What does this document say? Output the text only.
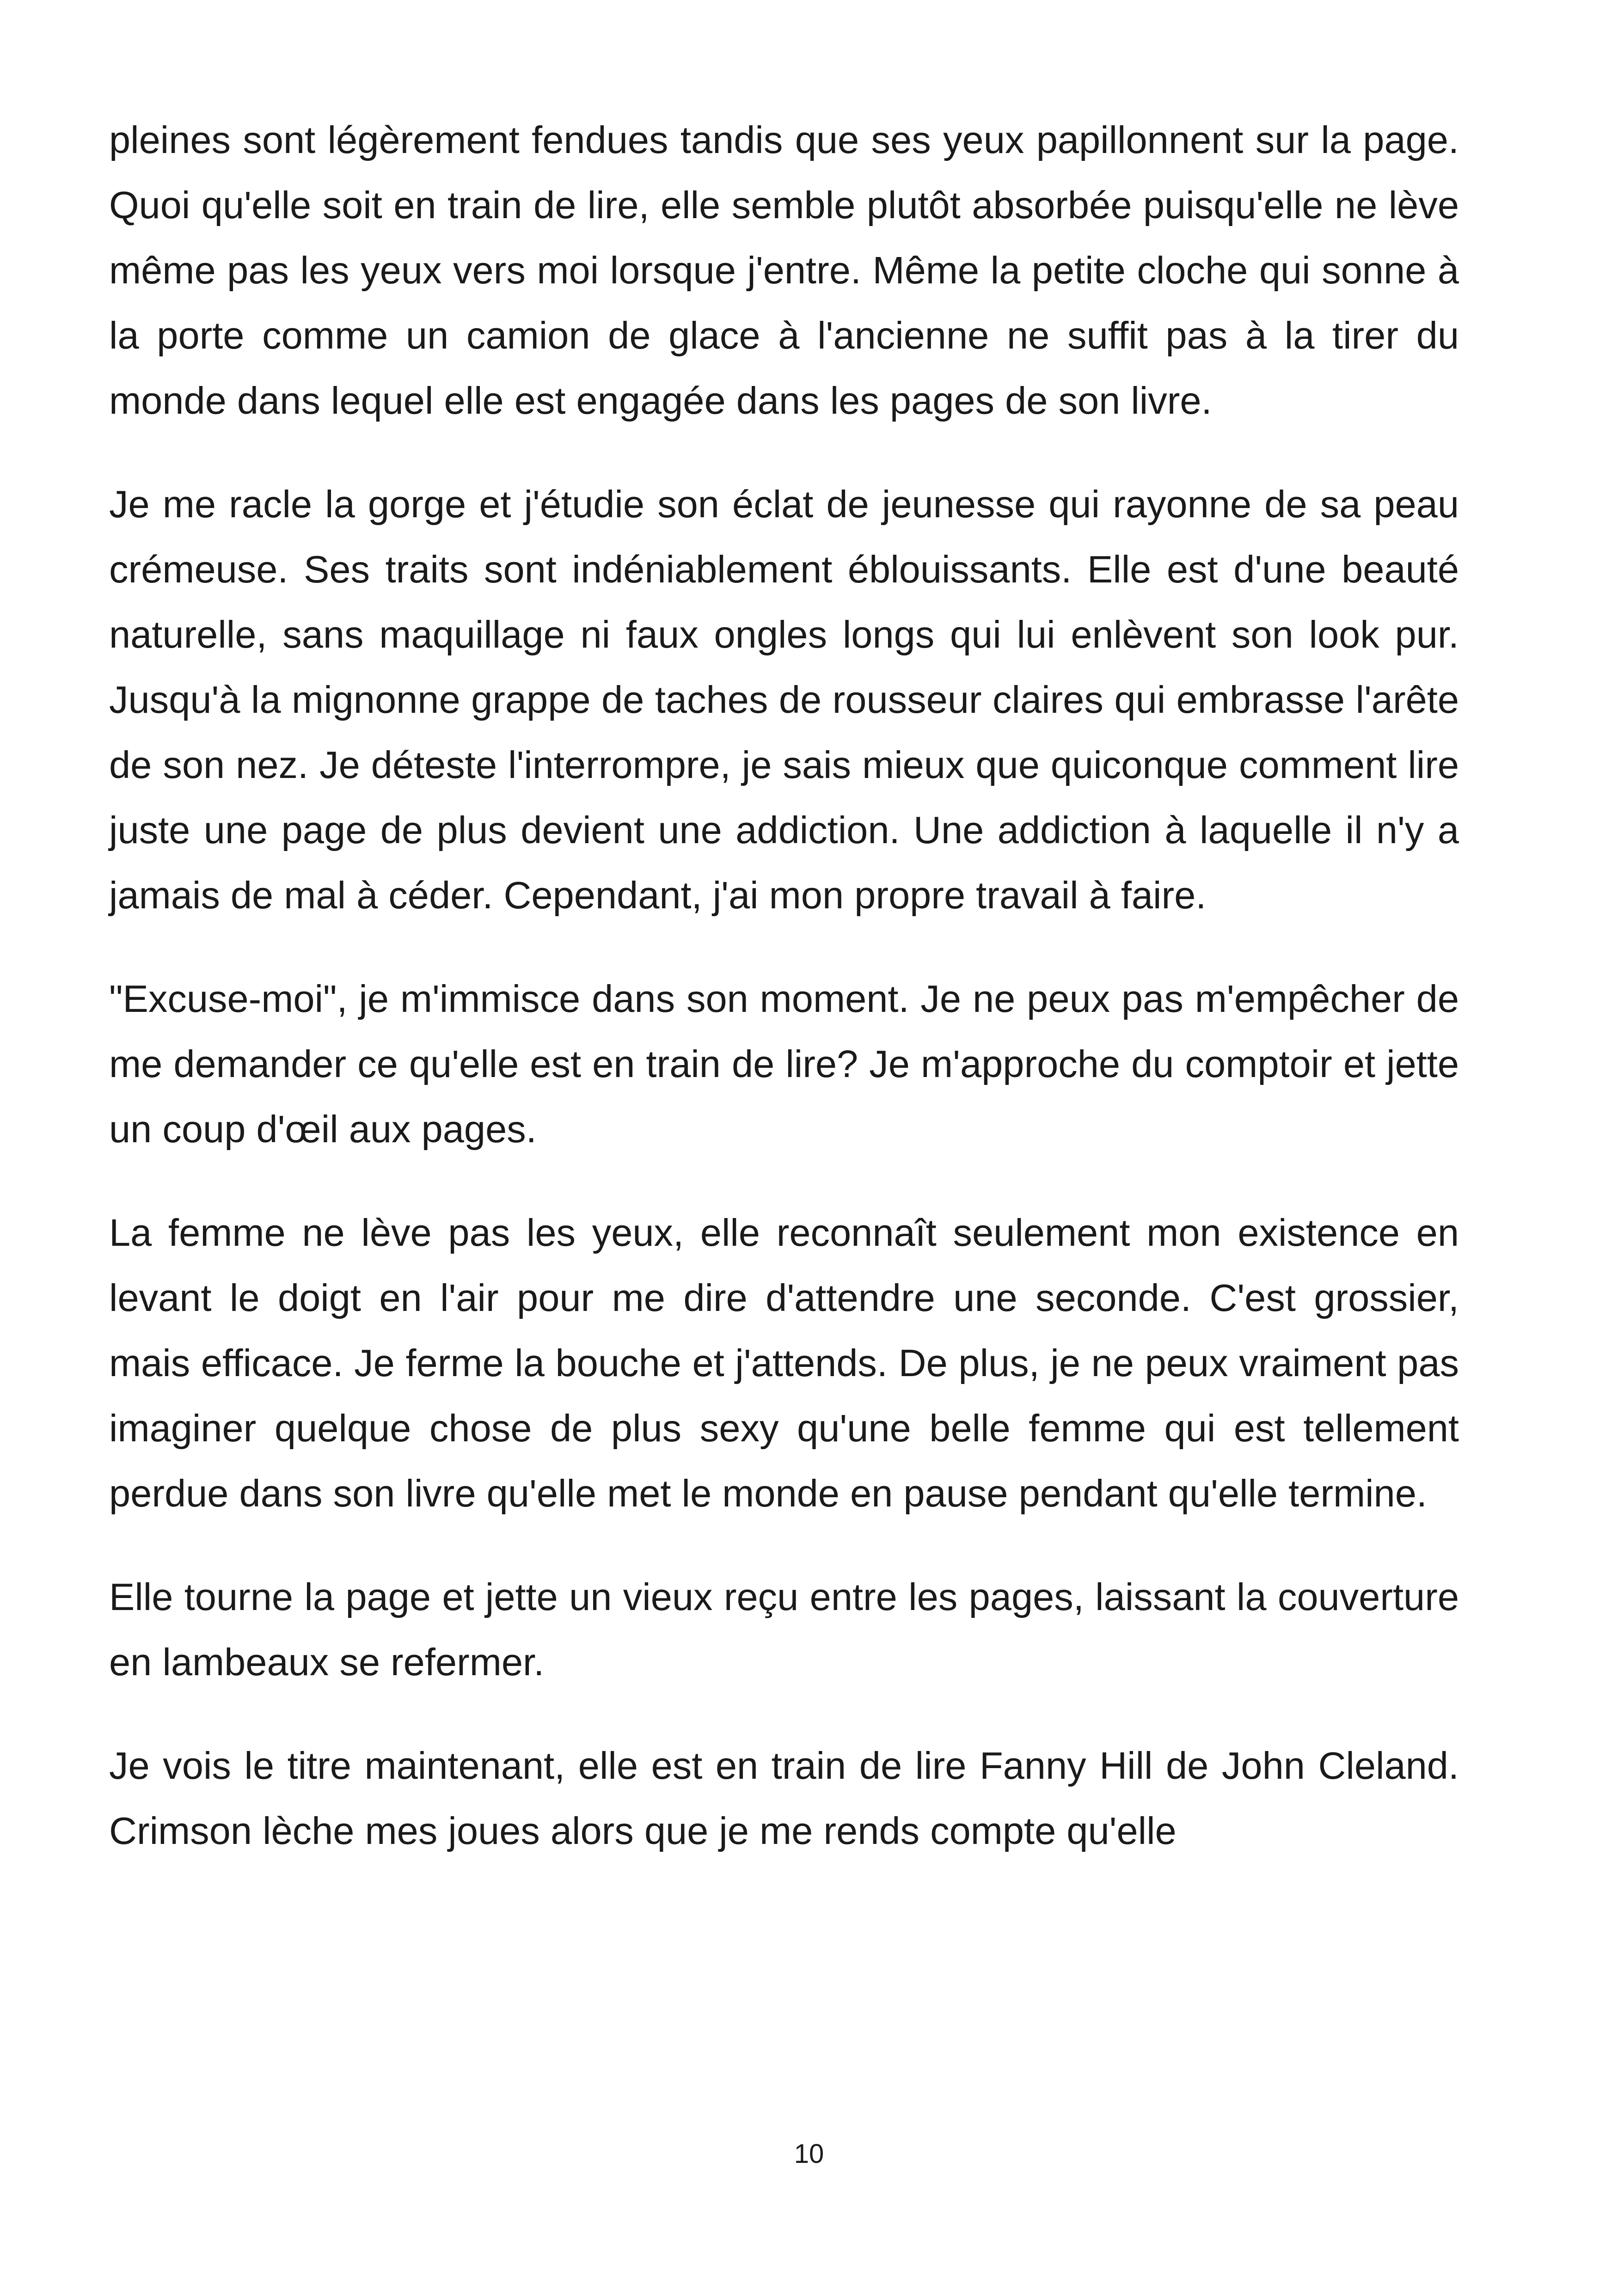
pleines sont légèrement fendues tandis que ses yeux papillonnent sur la page. Quoi qu'elle soit en train de lire, elle semble plutôt absorbée puisqu'elle ne lève même pas les yeux vers moi lorsque j'entre. Même la petite cloche qui sonne à la porte comme un camion de glace à l'ancienne ne suffit pas à la tirer du monde dans lequel elle est engagée dans les pages de son livre.

Je me racle la gorge et j'étudie son éclat de jeunesse qui rayonne de sa peau crémeuse. Ses traits sont indéniablement éblouissants. Elle est d'une beauté naturelle, sans maquillage ni faux ongles longs qui lui enlèvent son look pur. Jusqu'à la mignonne grappe de taches de rousseur claires qui embrasse l'arête de son nez. Je déteste l'interrompre, je sais mieux que quiconque comment lire juste une page de plus devient une addiction. Une addiction à laquelle il n'y a jamais de mal à céder. Cependant, j'ai mon propre travail à faire.

"Excuse-moi", je m'immisce dans son moment. Je ne peux pas m'empêcher de me demander ce qu'elle est en train de lire? Je m'approche du comptoir et jette un coup d'œil aux pages.

La femme ne lève pas les yeux, elle reconnaît seulement mon existence en levant le doigt en l'air pour me dire d'attendre une seconde. C'est grossier, mais efficace. Je ferme la bouche et j'attends. De plus, je ne peux vraiment pas imaginer quelque chose de plus sexy qu'une belle femme qui est tellement perdue dans son livre qu'elle met le monde en pause pendant qu'elle termine.

Elle tourne la page et jette un vieux reçu entre les pages, laissant la couverture en lambeaux se refermer.

Je vois le titre maintenant, elle est en train de lire Fanny Hill de John Cleland. Crimson lèche mes joues alors que je me rends compte qu'elle

10
